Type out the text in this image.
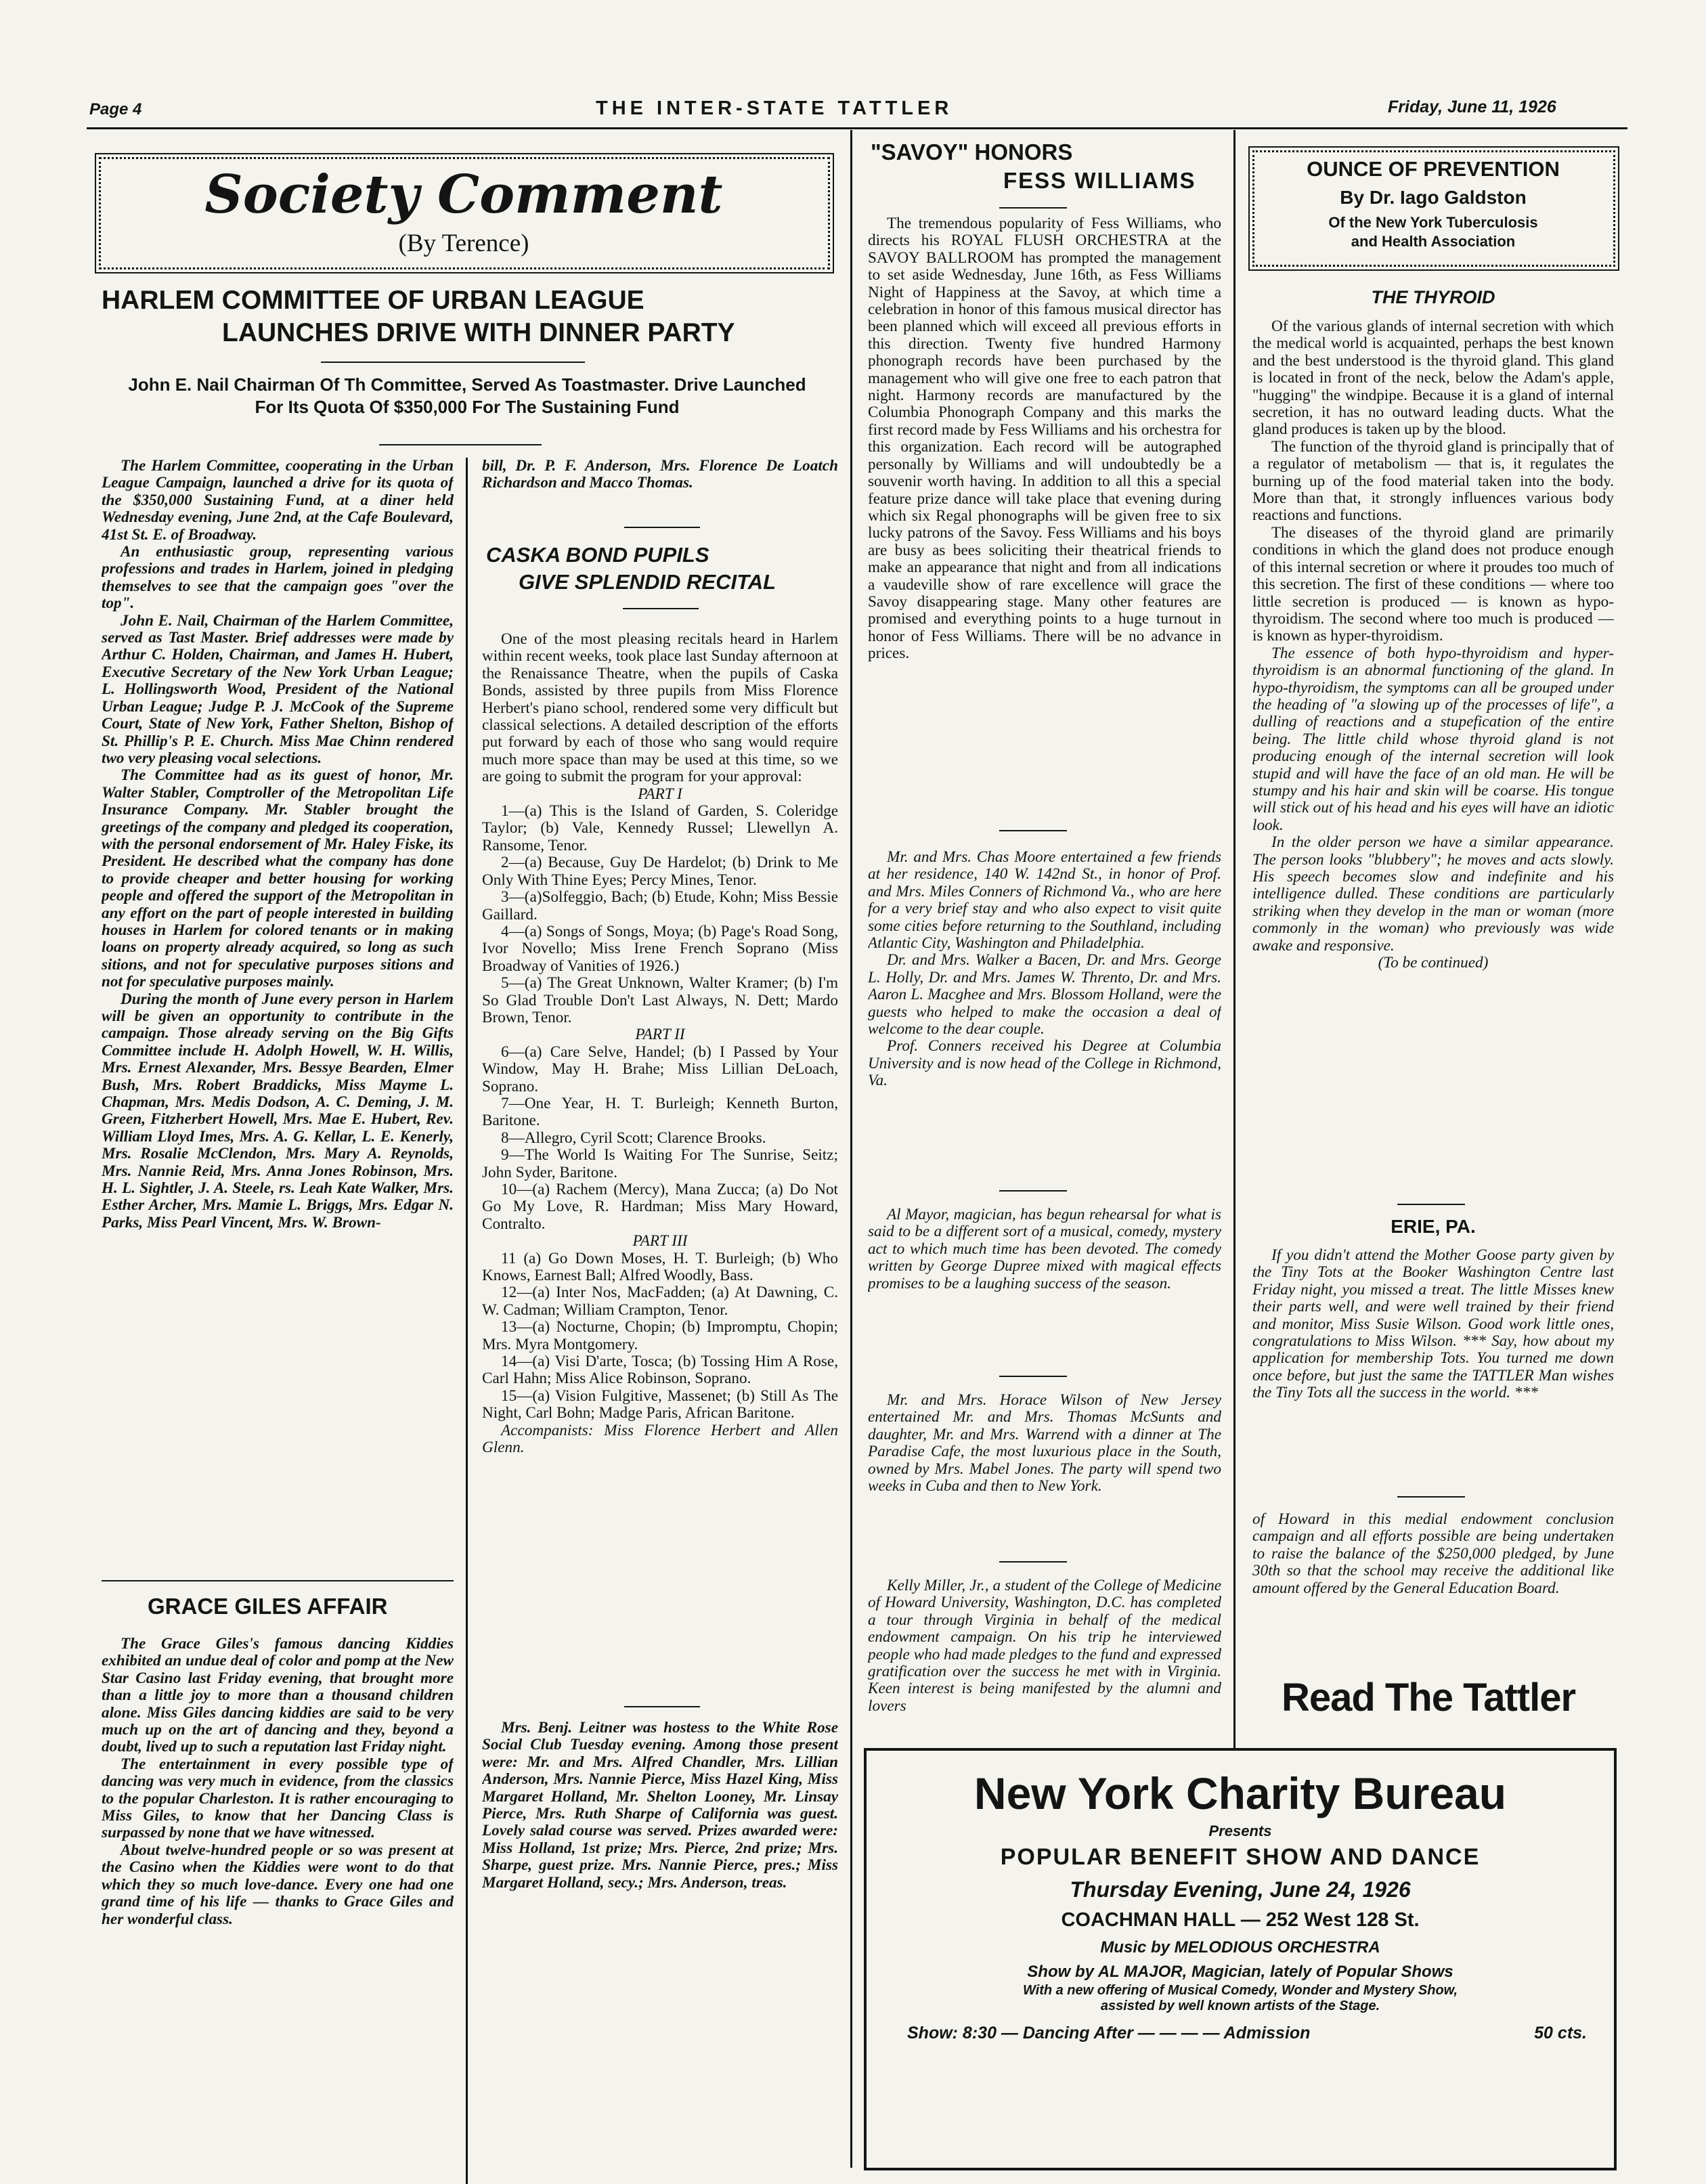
Page 4	THE INTER-STATE TATTLER	Friday, June 11, 1926
Society Comment
(By Terence)
HARLEM COMMITTEE OF URBAN LEAGUE
LAUNCHES DRIVE WITH DINNER PARTY
John E. Nail Chairman Of Th Committee, Served As Toastmaster. Drive Launched For Its Quota Of $350,000 For The Sustaining Fund

The Harlem Committee, cooperating in the Urban League Campaign, launched a drive for its quota of the $350,000 Sustaining Fund, at a diner held Wednesday evening, June 2nd, at the Cafe Boulevard, 41st St. E. of Broadway.

An enthusiastic group, representing various professions and trades in Harlem, joined in pledging themselves to see that the campaign goes "over the top".

John E. Nail, Chairman of the Harlem Committee, served as Tast Master. Brief addresses were made by Arthur C. Holden, Chairman, and James H. Hubert, Executive Secretary of the New York Urban League; L. Hollingsworth Wood, President of the National Urban League; Judge P. J. McCook of the Supreme Court, State of New York, Father Shelton, Bishop of St. Phillip's P. E. Church. Miss Mae Chinn rendered two very pleasing vocal selections.

The Committee had as its guest of honor, Mr. Walter Stabler, Comptroller of the Metropolitan Life Insurance Company. Mr. Stabler brought the greetings of the company and pledged its cooperation, with the personal endorsement of Mr. Haley Fiske, its President. He described what the company has done to provide cheaper and better housing for working people and offered the support of the Metropolitan in any effort on the part of people interested in building houses in Harlem for colored tenants or in making loans on property already acquired, so long as such sitions, and not for speculative purposes sitions and not for speculative purposes mainly.

During the month of June every person in Harlem will be given an opportunity to contribute in the campaign. Those already serving on the Big Gifts Committee include H. Adolph Howell, W. H. Willis, Mrs. Ernest Alexander, Mrs. Bessye Bearden, Elmer Bush, Mrs. Robert Braddicks, Miss Mayme L. Chapman, Mrs. Medis Dodson, A. C. Deming, J. M. Green, Fitzherbert Howell, Mrs. Mae E. Hubert, Rev. William Lloyd Imes, Mrs. A. G. Kellar, L. E. Kenerly, Mrs. Rosalie McClendon, Mrs. Mary A. Reynolds, Mrs. Nannie Reid, Mrs. Anna Jones Robinson, Mrs. H. L. Sightler, J. A. Steele, rs. Leah Kate Walker, Mrs. Esther Archer, Mrs. Mamie L. Briggs, Mrs. Edgar N. Parks, Miss Pearl Vincent, Mrs. W. Brown-

bill, Dr. P. F. Anderson, Mrs. Florence De Loatch Richardson and Macco Thomas.

GRACE GILES AFFAIR

The Grace Giles's famous dancing Kiddies exhibited an undue deal of color and pomp at the New Star Casino last Friday evening, that brought more than a little joy to more than a thousand children alone. Miss Giles dancing kiddies are said to be very much up on the art of dancing and they, beyond a doubt, lived up to such a reputation last Friday night.

The entertainment in every possible type of dancing was very much in evidence, from the classics to the popular Charleston. It is rather encouraging to Miss Giles, to know that her Dancing Class is surpassed by none that we have witnessed.

About twelve-hundred people or so was present at the Casino when the Kiddies were wont to do that which they so much love-dance. Every one had one grand time of his life — thanks to Grace Giles and her wonderful class.

CASKA BOND PUPILS
GIVE SPLENDID RECITAL

One of the most pleasing recitals heard in Harlem within recent weeks, took place last Sunday afternoon at the Renaissance Theatre, when the pupils of Caska Bonds, assisted by three pupils from Miss Florence Herbert's piano school, rendered some very difficult but classical selections. A detailed description of the efforts put forward by each of those who sang would require much more space than may be used at this time, so we are going to submit the program for your approval:

PART I

1—(a) This is the Island of Garden, S. Coleridge Taylor; (b) Vale, Kennedy Russel; Llewellyn A. Ransome, Tenor.

2—(a) Because, Guy De Hardelot; (b) Drink to Me Only With Thine Eyes; Percy Mines, Tenor.

3—(a)Solfeggio, Bach; (b) Etude, Kohn; Miss Bessie Gaillard.

4—(a) Songs of Songs, Moya; (b) Page's Road Song, Ivor Novello; Miss Irene French Soprano (Miss Broadway of Vanities of 1926.)

5—(a) The Great Unknown, Walter Kramer; (b) I'm So Glad Trouble Don't Last Always, N. Dett; Mardo Brown, Tenor.

PART II

6—(a) Care Selve, Handel; (b) I Passed by Your Window, May H. Brahe; Miss Lillian DeLoach, Soprano.

7—One Year, H. T. Burleigh; Kenneth Burton, Baritone.

8—Allegro, Cyril Scott; Clarence Brooks.

9—The World Is Waiting For The Sunrise, Seitz; John Syder, Baritone.

10—(a) Rachem (Mercy), Mana Zucca; (a) Do Not Go My Love, R. Hardman; Miss Mary Howard, Contralto.

PART III

11 (a) Go Down Moses, H. T. Burleigh; (b) Who Knows, Earnest Ball; Alfred Woodly, Bass.

12—(a) Inter Nos, MacFadden; (a) At Dawning, C. W. Cadman; William Crampton, Tenor.

13—(a) Nocturne, Chopin; (b) Impromptu, Chopin; Mrs. Myra Montgomery.

14—(a) Visi D'arte, Tosca; (b) Tossing Him A Rose, Carl Hahn; Miss Alice Robinson, Soprano.

15—(a) Vision Fulgitive, Massenet; (b) Still As The Night, Carl Bohn; Madge Paris, African Baritone.

Accompanists: Miss Florence Herbert and Allen Glenn.

Mrs. Benj. Leitner was hostess to the White Rose Social Club Tuesday evening. Among those present were: Mr. and Mrs. Alfred Chandler, Mrs. Lillian Anderson, Mrs. Nannie Pierce, Miss Hazel King, Miss Margaret Holland, Mr. Shelton Looney, Mr. Linsay Pierce, Mrs. Ruth Sharpe of California was guest. Lovely salad course was served. Prizes awarded were: Miss Holland, 1st prize; Mrs. Pierce, 2nd prize; Mrs. Sharpe, guest prize. Mrs. Nannie Pierce, pres.; Miss Margaret Holland, secy.; Mrs. Anderson, treas.

"SAVOY" HONORS
FESS WILLIAMS

The tremendous popularity of Fess Williams, who directs his ROYAL FLUSH ORCHESTRA at the SAVOY BALLROOM has prompted the management to set aside Wednesday, June 16th, as Fess Williams Night of Happiness at the Savoy, at which time a celebration in honor of this famous musical director has been planned which will exceed all previous efforts in this direction. Twenty five hundred Harmony phonograph records have been purchased by the management who will give one free to each patron that night. Harmony records are manufactured by the Columbia Phonograph Company and this marks the first record made by Fess Williams and his orchestra for this organization. Each record will be autographed personally by Williams and will undoubtedly be a souvenir worth having. In addition to all this a special feature prize dance will take place that evening during which six Regal phonographs will be given free to six lucky patrons of the Savoy. Fess Williams and his boys are busy as bees soliciting their theatrical friends to make an appearance that night and from all indications a vaudeville show of rare excellence will grace the Savoy disappearing stage. Many other features are promised and everything points to a huge turnout in honor of Fess Williams. There will be no advance in prices.

Mr. and Mrs. Chas Moore entertained a few friends at her residence, 140 W. 142nd St., in honor of Prof. and Mrs. Miles Conners of Richmond Va., who are here for a very brief stay and who also expect to visit quite some cities before returning to the Southland, including Atlantic City, Washington and Philadelphia.

Dr. and Mrs. Walker a Bacen, Dr. and Mrs. George L. Holly, Dr. and Mrs. James W. Thrento, Dr. and Mrs. Aaron L. Macghee and Mrs. Blossom Holland, were the guests who helped to make the occasion a deal of welcome to the dear couple.

Prof. Conners received his Degree at Columbia University and is now head of the College in Richmond, Va.

Al Mayor, magician, has begun rehearsal for what is said to be a different sort of a musical, comedy, mystery act to which much time has been devoted. The comedy written by George Dupree mixed with magical effects promises to be a laughing success of the season.

Mr. and Mrs. Horace Wilson of New Jersey entertained Mr. and Mrs. Thomas McSunts and daughter, Mr. and Mrs. Warrend with a dinner at The Paradise Cafe, the most luxurious place in the South, owned by Mrs. Mabel Jones. The party will spend two weeks in Cuba and then to New York.

Kelly Miller, Jr., a student of the College of Medicine of Howard University, Washington, D.C. has completed a tour through Virginia in behalf of the medical endowment campaign. On his trip he interviewed people who had made pledges to the fund and expressed gratification over the success he met with in Virginia. Keen interest is being manifested by the alumni and lovers

OUNCE OF PREVENTION
By Dr. Iago Galdston
Of the New York Tuberculosis
and Health Association
THE THYROID

Of the various glands of internal secretion with which the medical world is acquainted, perhaps the best known and the best understood is the thyroid gland. This gland is located in front of the neck, below the Adam's apple, "hugging" the windpipe. Because it is a gland of internal secretion, it has no outward leading ducts. What the gland produces is taken up by the blood.

The function of the thyroid gland is principally that of a regulator of metabolism — that is, it regulates the burning up of the food material taken into the body. More than that, it strongly influences various body reactions and functions.

The diseases of the thyroid gland are primarily conditions in which the gland does not produce enough of this internal secretion or where it proudes too much of this secretion. The first of these conditions — where too little secretion is produced — is known as hypo-thyroidism. The second where too much is produced — is known as hyper-thyroidism.

The essence of both hypo-thyroidism and hyper-thyroidism is an abnormal functioning of the gland. In hypo-thyroidism, the symptoms can all be grouped under the heading of "a slowing up of the processes of life", a dulling of reactions and a stupefication of the entire being. The little child whose thyroid gland is not producing enough of the internal secretion will look stupid and will have the face of an old man. He will be stumpy and his hair and skin will be coarse. His tongue will stick out of his head and his eyes will have an idiotic look.

In the older person we have a similar appearance. The person looks "blubbery"; he moves and acts slowly. His speech becomes slow and indefinite and his intelligence dulled. These conditions are particularly striking when they develop in the man or woman (more commonly in the woman) who previously was wide awake and responsive.

(To be continued)

ERIE, PA.

If you didn't attend the Mother Goose party given by the Tiny Tots at the Booker Washington Centre last Friday night, you missed a treat. The little Misses knew their parts well, and were well trained by their friend and monitor, Miss Susie Wilson. Good work little ones, congratulations to Miss Wilson. *** Say, how about my application for membership Tots. You turned me down once before, but just the same the TATTLER Man wishes the Tiny Tots all the success in the world. ***

of Howard in this medial endowment conclusion campaign and all efforts possible are being undertaken to raise the balance of the $250,000 pledged, by June 30th so that the school may receive the additional like amount offered by the General Education Board.

Read The Tattler
New York Charity Bureau
Presents
POPULAR BENEFIT SHOW AND DANCE
Thursday Evening, June 24, 1926
COACHMAN HALL — 252 West 128 St.
Music by MELODIOUS ORCHESTRA
Show by AL MAJOR, Magician, lately of Popular Shows
With a new offering of Musical Comedy, Wonder and Mystery Show,
assisted by well known artists of the Stage.
Show: 8:30 — Dancing After — — — — Admission	50 cts.
